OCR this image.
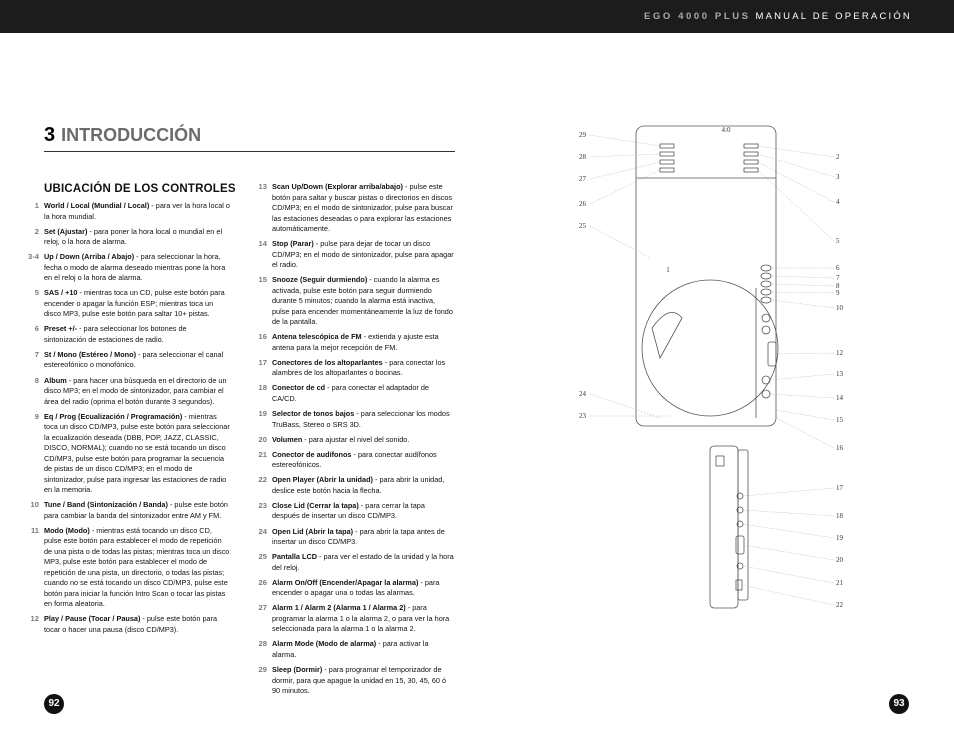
EGO 4000 PLUS MANUAL DE OPERACIÓN
3 INTRODUCCIÓN
UBICACIÓN DE LOS CONTROLES
1 World / Local (Mundial / Local) - para ver la hora local o la hora mundial.
2 Set (Ajustar) - para poner la hora local o mundial en el reloj, o la hora de alarma.
3-4 Up / Down (Arriba / Abajo) - para seleccionar la hora, fecha o modo de alarma deseado mientras pone la hora en el reloj o la hora de alarma.
5 SAS / +10 - mientras toca un CD, pulse este botón para encender o apagar la función ESP; mientras toca un disco MP3, pulse este botón para saltar 10+ pistas.
6 Preset +/- - para seleccionar los botones de sintonización de estaciones de radio.
7 St / Mono (Estéreo / Mono) - para seleccionar el canal estereofónico o monofónico.
8 Album - para hacer una búsqueda en el directorio de un disco MP3; en el modo de sintonizador, para cambiar el área del radio (oprima el botón durante 3 segundos).
9 Eq / Prog (Ecualización / Programación) - mientras toca un disco CD/MP3, pulse este botón para seleccionar la ecualización deseada (DBB, POP, JAZZ, CLASSIC, DISCO, NORMAL); cuando no se está tocando un disco CD/MP3, pulse este botón para programar la secuencia de pistas de un disco CD/MP3; en el modo de sintonizador, pulse para ingresar las estaciones de radio en la memoria.
10 Tune / Band (Sintonización / Banda) - pulse este botón para cambiar la banda del sintonizador entre AM y FM.
11 Modo (Modo) - mientras está tocando un disco CD, pulse este botón para establecer el modo de repetición de una pista o de todas las pistas; mientras toca un disco MP3, pulse este botón para establecer el modo de repetición de una pista, un directorio, o todas las pistas; cuando no se está tocando un disco CD/MP3, pulse este botón para iniciar la función Intro Scan o tocar las pistas en forma aleatoria.
12 Play / Pause (Tocar / Pausa) - pulse este botón para tocar o hacer una pausa (disco CD/MP3).
13 Scan Up/Down (Explorar arriba/abajo) - pulse este botón para saltar y buscar pistas o directorios en discos CD/MP3; en el modo de sintonizador, pulse para buscar las estaciones deseadas o para explorar las estaciones automáticamente.
14 Stop (Parar) - pulse para dejar de tocar un disco CD/MP3; en el modo de sintonizador, pulse para apagar el radio.
15 Snooze (Seguir durmiendo) - cuando la alarma es activada, pulse este botón para seguir durmiendo durante 5 minutos; cuando la alarma está inactiva, pulse para encender momentáneamente la luz de fondo de la pantalla.
16 Antena telescópica de FM - extienda y ajuste esta antena para la mejor recepción de FM.
17 Conectores de los altoparlantes - para conectar los alambres de los altoparlantes o bocinas.
18 Conector de cd - para conectar el adaptador de CA/CD.
19 Selector de tonos bajos - para seleccionar los modos TruBass, Stereo o SRS 3D.
20 Volumen - para ajustar el nivel del sonido.
21 Conector de audífonos - para conectar audífonos estereofónicos.
22 Open Player (Abrir la unidad) - para abrir la unidad, deslice este botón hacia la flecha.
23 Close Lid (Cerrar la tapa) - para cerrar la tapa después de insertar un disco CD/MP3.
24 Open Lid (Abrir la tapa) - para abrir la tapa antes de insertar un disco CD/MP3.
25 Pantalla LCD - para ver el estado de la unidad y la hora del reloj.
26 Alarm On/Off (Encender/Apagar la alarma) - para encender o apagar una o todas las alarmas.
27 Alarm 1 / Alarm 2 (Alarma 1 / Alarma 2) - para programar la alarma 1 o la alarma 2, o para ver la hora seleccionada para la alarma 1 o la alarma 2.
28 Alarm Mode (Modo de alarma) - para activar la alarma.
29 Sleep (Dormir) - para programar el temporizador de dormir, para que apague la unidad en 15, 30, 45, 60 ó 90 minutos.
29
28
27
26
25
24
23
2
3
4
5
6
7
8
9
10
12
13
14
15
16
17
18
19
20
21
22
1
4:0
92	93
